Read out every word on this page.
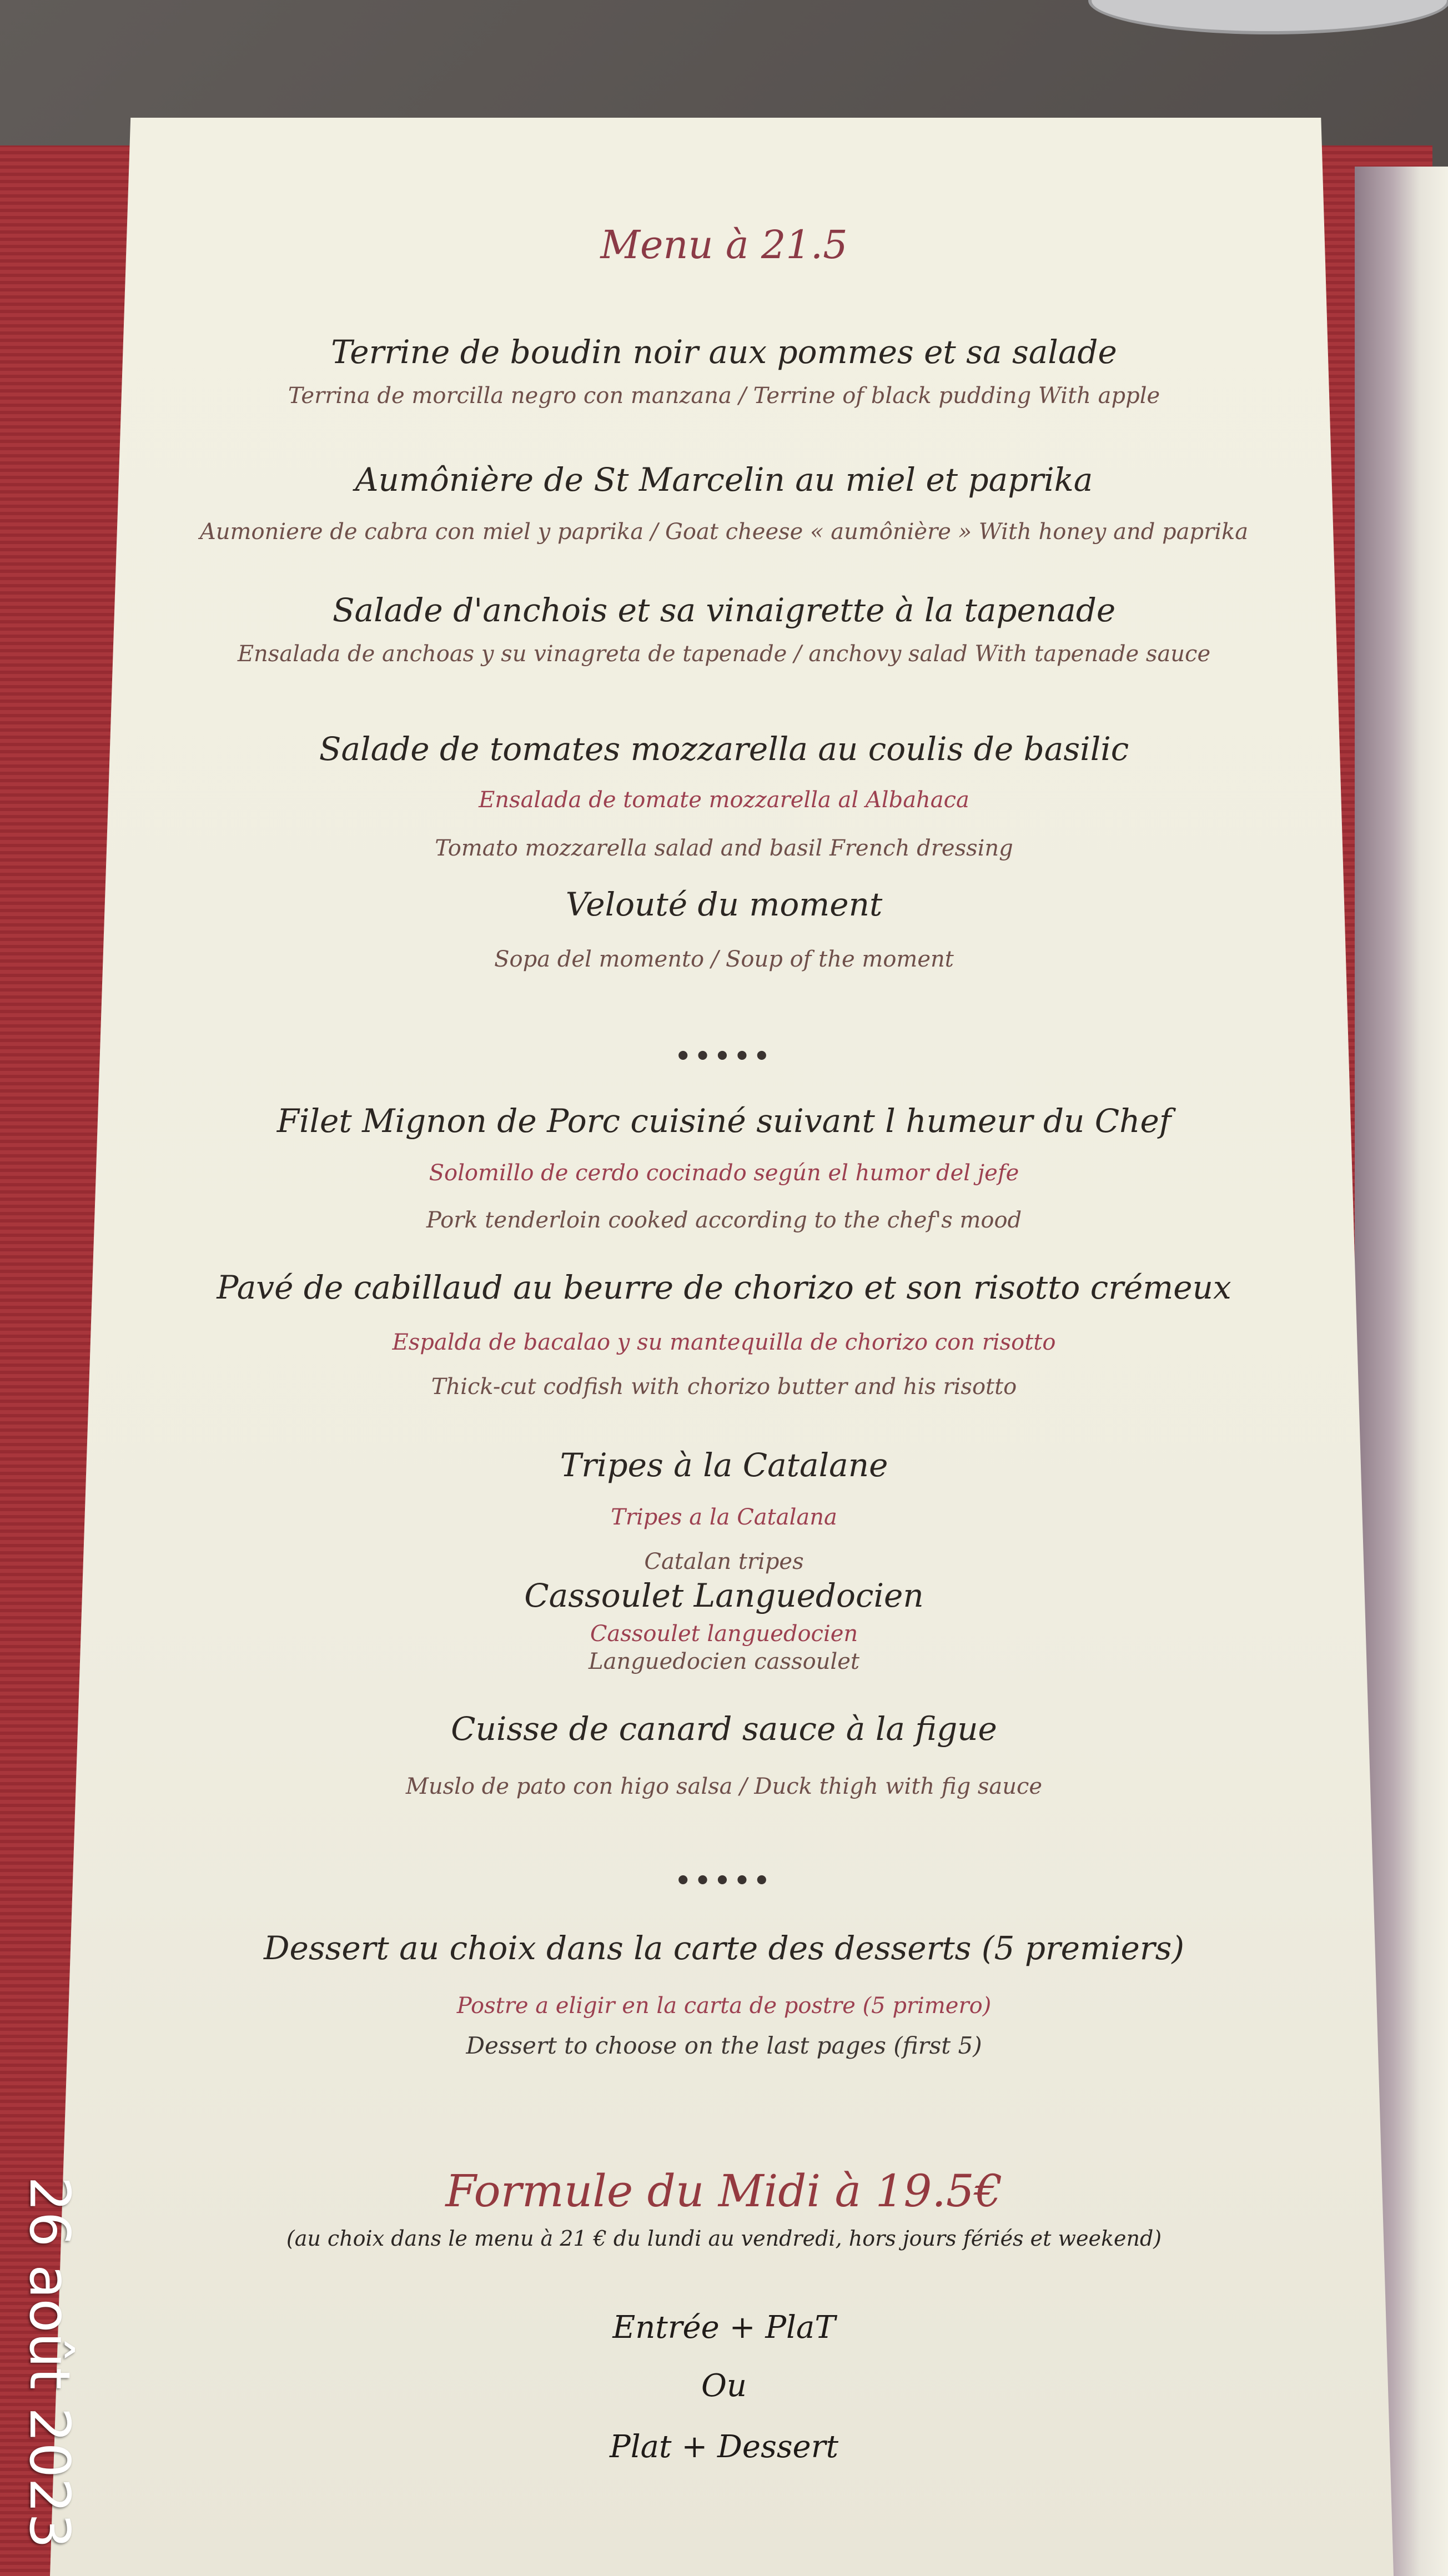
Menu à 21.5

Terrine de boudin noir aux pommes et sa salade

Terrina de morcilla negro con manzana / Terrine of black pudding With apple

Aumônière de St Marcelin au miel et paprika

Aumoniere de cabra con miel y paprika / Goat cheese « aumônière » With honey and paprika

Salade d'anchois et sa vinaigrette à la tapenade

Ensalada de anchoas y su vinagreta de tapenade / anchovy salad With tapenade sauce

Salade de tomates mozzarella au coulis de basilic

Ensalada de tomate mozzarella al Albahaca

Tomato mozzarella salad and basil French dressing

Velouté du moment

Sopa del momento / Soup of the moment

•••••

Filet Mignon de Porc cuisiné suivant l humeur du Chef

Solomillo de cerdo cocinado según el humor del jefe

Pork tenderloin cooked according to the chef's mood

Pavé de cabillaud au beurre de chorizo et son risotto crémeux

Espalda de bacalao y su mantequilla de chorizo con risotto

Thick-cut codfish with chorizo butter and his risotto

Tripes à la Catalane

Tripes a la Catalana

Catalan tripes

Cassoulet Languedocien

Cassoulet languedocien

Languedocien cassoulet

Cuisse de canard sauce à la figue

Muslo de pato con higo salsa / Duck thigh with fig sauce

•••••

Dessert au choix dans la carte des desserts (5 premiers)

Postre a eligir en la carta de postre (5 primero)

Dessert to choose on the last pages (first 5)

Formule du Midi à 19.5€

(au choix dans le menu à 21 € du lundi au vendredi, hors jours fériés et weekend)

Entrée + PlaT

Ou

Plat + Dessert

26 août 2023
